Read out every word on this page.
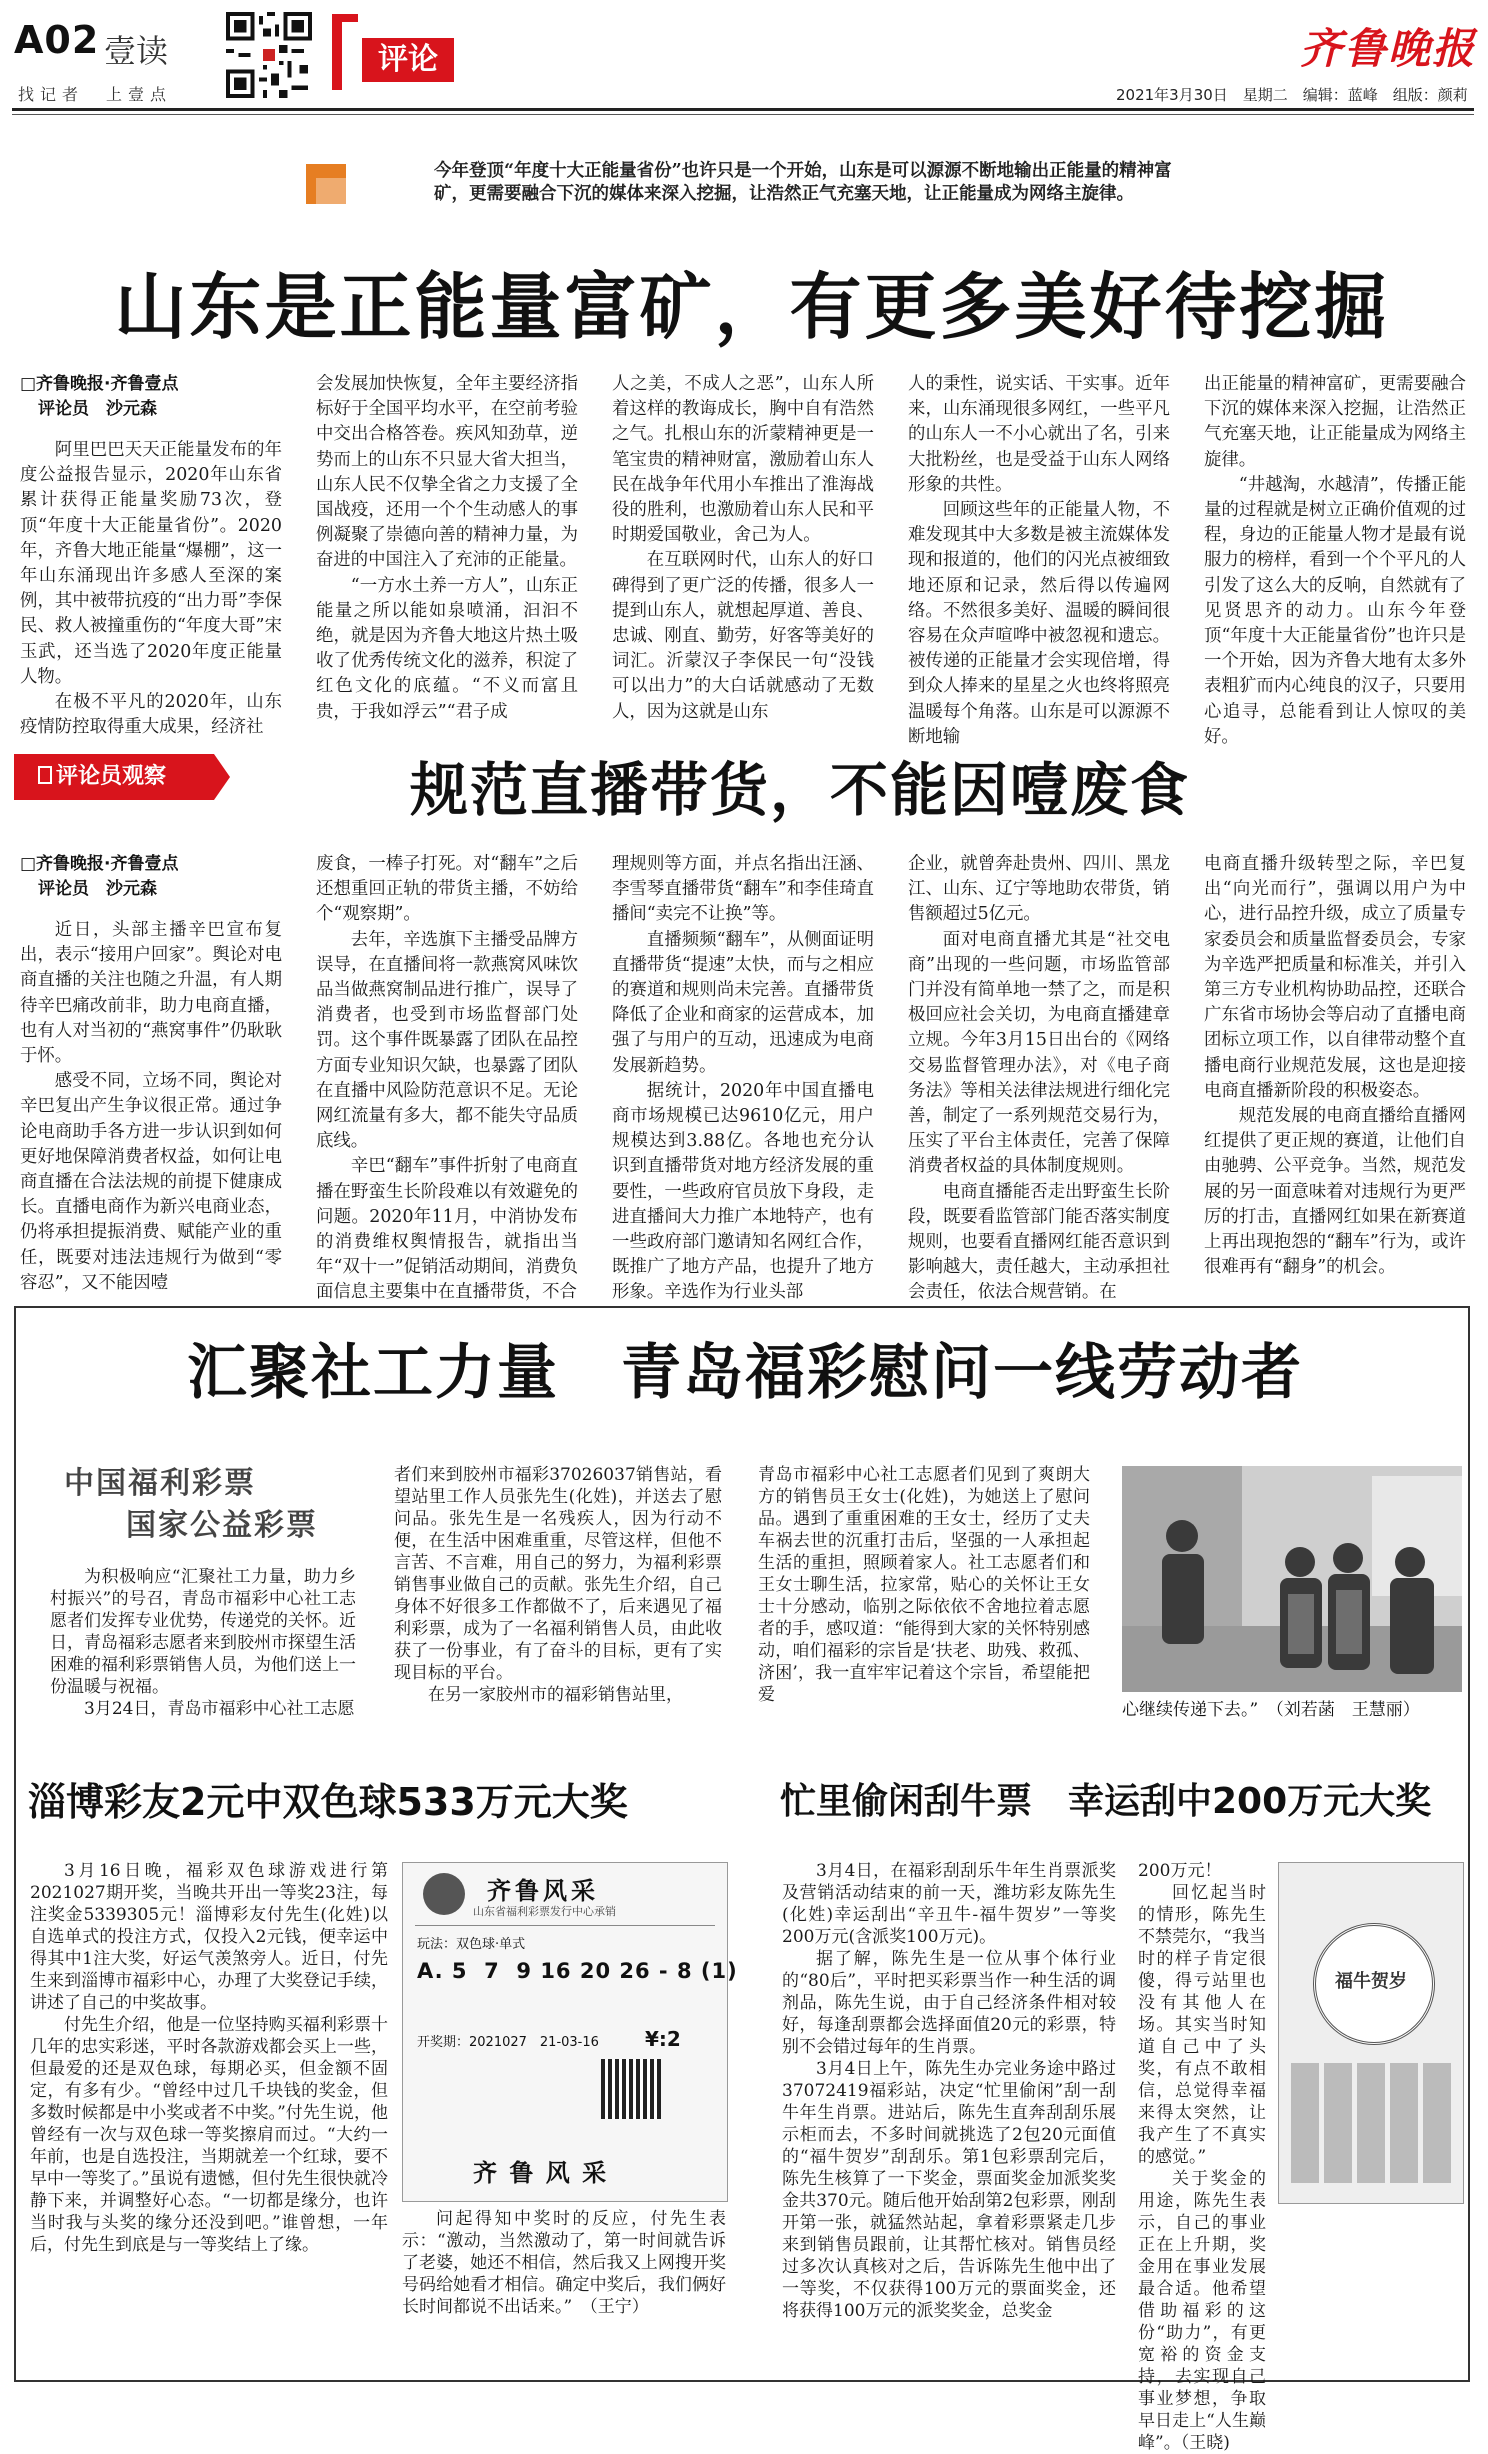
A02 壹读
找记者　上壹点
评论	齐鲁晚报
2021年3月30日　星期二　编辑：蓝峰　组版：颜莉
今年登顶“年度十大正能量省份”也许只是一个开始，山东是可以源源不断地输出正能量的精神富矿，更需要融合下沉的媒体来深入挖掘，让浩然正气充塞天地，让正能量成为网络主旋律。
山东是正能量富矿，有更多美好待挖掘
□齐鲁晚报·齐鲁壹点
评论员　沙元森

阿里巴巴天天正能量发布的年度公益报告显示，2020年山东省累计获得正能量奖励73次，登顶“年度十大正能量省份”。2020年，齐鲁大地正能量“爆棚”，这一年山东涌现出许多感人至深的案例，其中被带抗疫的“出力哥”李保民、救人被撞重伤的“年度大哥”宋玉武，还当选了2020年度正能量人物。

在极不平凡的2020年，山东疫情防控取得重大成果，经济社

会发展加快恢复，全年主要经济指标好于全国平均水平，在空前考验中交出合格答卷。疾风知劲草，逆势而上的山东不只显大省大担当，山东人民不仅挚全省之力支援了全国战疫，还用一个个生动感人的事例凝聚了崇德向善的精神力量，为奋进的中国注入了充沛的正能量。

“一方水土养一方人”，山东正能量之所以能如泉喷涌，汩汩不绝，就是因为齐鲁大地这片热土吸收了优秀传统文化的滋养，积淀了红色文化的底蕴。“不义而富且贵，于我如浮云”“君子成

人之美，不成人之恶”，山东人所着这样的教诲成长，胸中自有浩然之气。扎根山东的沂蒙精神更是一笔宝贵的精神财富，激励着山东人民在战争年代用小车推出了淮海战役的胜利，也激励着山东人民和平时期爱国敬业，舍己为人。

在互联网时代，山东人的好口碑得到了更广泛的传播，很多人一提到山东人，就想起厚道、善良、忠诚、刚直、勤劳，好客等美好的词汇。沂蒙汉子李保民一句“没钱可以出力”的大白话就感动了无数人，因为这就是山东

人的秉性，说实话、干实事。近年来，山东涌现很多网红，一些平凡的山东人一不小心就出了名，引来大批粉丝，也是受益于山东人网络形象的共性。

回顾这些年的正能量人物，不难发现其中大多数是被主流媒体发现和报道的，他们的闪光点被细致地还原和记录，然后得以传遍网络。不然很多美好、温暖的瞬间很容易在众声喧哗中被忽视和遗忘。被传递的正能量才会实现倍增，得到众人捧来的星星之火也终将照亮温暖每个角落。山东是可以源源不断地输

出正能量的精神富矿，更需要融合下沉的媒体来深入挖掘，让浩然正气充塞天地，让正能量成为网络主旋律。

“井越淘，水越清”，传播正能量的过程就是树立正确价值观的过程，身边的正能量人物才是最有说服力的榜样，看到一个个平凡的人引发了这么大的反响，自然就有了见贤思齐的动力。山东今年登顶“年度十大正能量省份”也许只是一个开始，因为齐鲁大地有太多外表粗犷而内心纯良的汉子，只要用心追寻，总能看到让人惊叹的美好。

评论员观察	规范直播带货，不能因噎废食
□齐鲁晚报·齐鲁壹点
评论员　沙元森

近日，头部主播辛巴宣布复出，表示“接用户回家”。舆论对电商直播的关注也随之升温，有人期待辛巴痛改前非，助力电商直播，也有人对当初的“燕窝事件”仍耿耿于怀。

感受不同，立场不同，舆论对辛巴复出产生争议很正常。通过争论电商助手各方进一步认识到如何更好地保障消费者权益，如何让电商直播在合法法规的前提下健康成长。直播电商作为新兴电商业态，仍将承担提振消费、赋能产业的重任，既要对违法违规行为做到“零容忍”，又不能因噎

废食，一棒子打死。对“翻车”之后还想重回正轨的带货主播，不妨给个“观察期”。

去年，辛选旗下主播受品牌方误导，在直播间将一款燕窝风味饮品当做燕窝制品进行推广，误导了消费者，也受到市场监督部门处罚。这个事件既暴露了团队在品控方面专业知识欠缺，也暴露了团队在直播中风险防范意识不足。无论网红流量有多大，都不能失守品质底线。

辛巴“翻车”事件折射了电商直播在野蛮生长阶段难以有效避免的问题。2020年11月，中消协发布的消费维权舆情报告，就指出当年“双十一”促销活动期间，消费负面信息主要集中在直播带货，不合

理规则等方面，并点名指出汪涵、李雪琴直播带货“翻车”和李佳琦直播间“卖完不让换”等。

直播频频“翻车”，从侧面证明直播带货“提速”太快，而与之相应的赛道和规则尚未完善。直播带货降低了企业和商家的运营成本，加强了与用户的互动，迅速成为电商发展新趋势。

据统计，2020年中国直播电商市场规模已达9610亿元，用户规模达到3.88亿。各地也充分认识到直播带货对地方经济发展的重要性，一些政府官员放下身段，走进直播间大力推广本地特产，也有一些政府部门邀请知名网红合作，既推广了地方产品，也提升了地方形象。辛选作为行业头部

企业，就曾奔赴贵州、四川、黑龙江、山东、辽宁等地助农带货，销售额超过5亿元。

面对电商直播尤其是“社交电商”出现的一些问题，市场监管部门并没有简单地一禁了之，而是积极回应社会关切，为电商直播建章立规。今年3月15日出台的《网络交易监督管理办法》，对《电子商务法》等相关法律法规进行细化完善，制定了一系列规范交易行为，压实了平台主体责任，完善了保障消费者权益的具体制度规则。

电商直播能否走出野蛮生长阶段，既要看监管部门能否落实制度规则，也要看直播网红能否意识到影响越大，责任越大，主动承担社会责任，依法合规营销。在

电商直播升级转型之际，辛巴复出“向光而行”，强调以用户为中心，进行品控升级，成立了质量专家委员会和质量监督委员会，专家为辛选严把质量和标准关，并引入第三方专业机构协助品控，还联合广东省市场协会等启动了直播电商团标立项工作，以自律带动整个直播电商行业规范发展，这也是迎接电商直播新阶段的积极姿态。

规范发展的电商直播给直播网红提供了更正规的赛道，让他们自由驰骋、公平竞争。当然，规范发展的另一面意味着对违规行为更严厉的打击，直播网红如果在新赛道上再出现抱怨的“翻车”行为，或许很难再有“翻身”的机会。

汇聚社工力量　青岛福彩慰问一线劳动者
中国福利彩票
国家公益彩票

为积极响应“汇聚社工力量，助力乡村振兴”的号召，青岛市福彩中心社工志愿者们发挥专业优势，传递党的关怀。近日，青岛福彩志愿者来到胶州市探望生活困难的福利彩票销售人员，为他们送上一份温暖与祝福。

3月24日，青岛市福彩中心社工志愿

者们来到胶州市福彩37026037销售站，看望站里工作人员张先生(化姓)，并送去了慰问品。张先生是一名残疾人，因为行动不便，在生活中困难重重，尽管这样，但他不言苦、不言难，用自己的努力，为福利彩票销售事业做自己的贡献。张先生介绍，自己身体不好很多工作都做不了，后来遇见了福利彩票，成为了一名福利销售人员，由此收获了一份事业，有了奋斗的目标，更有了实现目标的平台。

在另一家胶州市的福彩销售站里，

青岛市福彩中心社工志愿者们见到了爽朗大方的销售员王女士(化姓)，为她送上了慰问品。遇到了重重困难的王女士，经历了丈夫车祸去世的沉重打击后，坚强的一人承担起生活的重担，照顾着家人。社工志愿者们和王女士聊生活，拉家常，贴心的关怀让王女士十分感动，临别之际依依不舍地拉着志愿者的手，感叹道：“能得到大家的关怀特别感动，咱们福彩的宗旨是‘扶老、助残、救孤、济困’，我一直牢牢记着这个宗旨，希望能把爱

心继续传递下去。”　（刘若菡　王慧丽）
淄博彩友2元中双色球533万元大奖

3月16日晚，福彩双色球游戏进行第2021027期开奖，当晚共开出一等奖23注，每注奖金5339305元！淄博彩友付先生(化姓)以自选单式的投注方式，仅投入2元钱，便幸运中得其中1注大奖，好运气羡煞旁人。近日，付先生来到淄博市福彩中心，办理了大奖登记手续，讲述了自己的中奖故事。

付先生介绍，他是一位坚持购买福利彩票十几年的忠实彩迷，平时各款游戏都会买上一些，但最爱的还是双色球，每期必买，但金额不固定，有多有少。“曾经中过几千块钱的奖金，但多数时候都是中小奖或者不中奖。”付先生说，他曾经有一次与双色球一等奖擦肩而过。“大约一年前，也是自选投注，当期就差一个红球，要不早中一等奖了。”虽说有遗憾，但付先生很快就冷静下来，并调整好心态。“一切都是缘分，也许当时我与头奖的缘分还没到吧。”谁曾想，一年后，付先生到底是与一等奖结上了缘。

齐鲁风采
山东省福利彩票发行中心承销
玩法：双色球·单式
A. 5  7  9 16 20 26 - 8 (1)
开奖期：2021027　21-03-16 ¥:2
齐 鲁 风 采

问起得知中奖时的反应，付先生表示：“激动，当然激动了，第一时间就告诉了老婆，她还不相信，然后我又上网搜开奖号码给她看才相信。确定中奖后，我们俩好长时间都说不出话来。”　（王宁）

忙里偷闲刮牛票　幸运刮中200万元大奖

3月4日，在福彩刮刮乐牛年生肖票派奖及营销活动结束的前一天，潍坊彩友陈先生(化姓)幸运刮出“辛丑牛-福牛贺岁”一等奖200万元(含派奖100万元)。

据了解，陈先生是一位从事个体行业的“80后”，平时把买彩票当作一种生活的调剂品，陈先生说，由于自己经济条件相对较好，每逢刮票都会选择面值20元的彩票，特别不会错过每年的生肖票。

3月4日上午，陈先生办完业务途中路过37072419福彩站，决定“忙里偷闲”刮一刮牛年生肖票。进站后，陈先生直奔刮刮乐展示柜而去，不多时间就挑选了2包20元面值的“福牛贺岁”刮刮乐。第1包彩票刮完后，陈先生核算了一下奖金，票面奖金加派奖奖金共370元。随后他开始刮第2包彩票，刚刮开第一张，就猛然站起，拿着彩票紧走几步来到销售员跟前，让其帮忙核对。销售员经过多次认真核对之后，告诉陈先生他中出了一等奖，不仅获得100万元的票面奖金，还将获得100万元的派奖奖金，总奖金

200万元！

回忆起当时的情形，陈先生不禁莞尔，“我当时的样子肯定很傻，得亏站里也没有其他人在场。其实当时知道自己中了头奖，有点不敢相信，总觉得幸福来得太突然，让我产生了不真实的感觉。”

关于奖金的用途，陈先生表示，自己的事业正在上升期，奖金用在事业发展最合适。他希望借助福彩的这份“助力”，有更宽裕的资金支持，去实现自己事业梦想，争取早日走上“人生巅峰”。（王晓)

福牛贺岁
